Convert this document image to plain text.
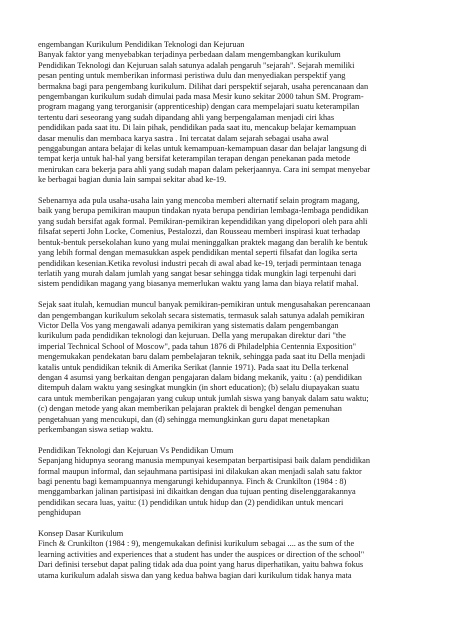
engembangan Kurikulum Pendidikan Teknologi dan Kejuruan
Banyak faktor yang menyebabkan terjadinya perbedaan dalam mengembangkan kurikulum
Pendidikan Teknologi dan Kejuruan salah satunya adalah pengaruh "sejarah". Sejarah memiliki
pesan penting untuk memberikan informasi peristiwa dulu dan menyediakan perspektif yang
bermakna bagi para pengembang kurikulum. Dilihat dari perspektif sejarah, usaha perencanaan dan
pengembangan kurikulum sudah dimulai pada masa Mesir kuno sekitar 2000 tahun SM. Program-
program magang yang terorganisir (apprenticeship) dengan cara mempelajari suatu keterampilan
tertentu dari seseorang yang sudah dipandang ahli yang berpengalaman menjadi ciri khas
pendidikan pada saat itu. Di lain pihak, pendidikan pada saat itu, mencakup belajar kemampuan
dasar menulis dan membaca karya sastra . Ini tercatat dalam sejarah sebagai usaha awal
penggabungan antara belajar di kelas untuk kemampuan-kemampuan dasar dan belajar langsung di
tempat kerja untuk hal-hal yang bersifat keterampilan terapan dengan penekanan pada metode
menirukan cara bekerja para ahli yang sudah mapan dalam pekerjaannya. Cara ini sempat menyebar
ke berbagai bagian dunia lain sampai sekitar abad ke-19.

Sebenarnya ada pula usaha-usaha lain yang mencoba memberi alternatif selain program magang,
baik yang berupa pemikiran maupun tindakan nyata berupa pendirian lembaga-lembaga pendidikan
yang sudah bersifat agak formal. Pemikiran-pemikiran kependidikan yang dipelopori oleh para ahli
filsafat seperti John Locke, Comenius, Pestalozzi, dan Rousseau memberi inspirasi kuat terhadap
bentuk-bentuk persekolahan kuno yang mulai meninggalkan praktek magang dan beralih ke bentuk
yang lebih formal dengan memasukkan aspek pendidikan mental seperti filsafat dan logika serta
pendidikan kesenian.Ketika revolusi industri pecah di awal abad ke-19, terjadi permintaan tenaga
terlatih yang murah dalam jumlah yang sangat besar sehingga tidak mungkin lagi terpenuhi dari
sistem pendidikan magang yang biasanya memerlukan waktu yang lama dan biaya relatif mahal.

Sejak saat itulah, kemudian muncul banyak pemikiran-pemikiran untuk mengusahakan perencanaan
dan pengembangan kurikulum sekolah secara sistematis, termasuk salah satunya adalah pemikiran
Victor Della Vos yang mengawali adanya pemikiran yang sistematis dalam pengembangan
kurikulum pada pendidikan teknologi dan kejuruan. Della yang merupakan direktur dari "the
imperial Technical School of Moscow", pada tahun 1876 di Philadelphia Centennia Exposition"
mengemukakan pendekatan baru dalam pembelajaran teknik, sehingga pada saat itu Della menjadi
katalis untuk pendidikan teknik di Amerika Serikat (lannie 1971). Pada saat itu Della terkenal
dengan 4 asumsi yang berkaitan dengan pengajaran dalam bidang mekanik, yaitu : (a) pendidikan
ditempuh dalam waktu yang sesingkat mungkin (in short education); (b) selalu diupayakan suatu
cara untuk memberikan pengajaran yang cukup untuk jumlah siswa yang banyak dalam satu waktu;
(c) dengan metode yang akan memberikan pelajaran praktek di bengkel dengan pemenuhan
pengetahuan yang mencukupi, dan (d) sehingga memungkinkan guru dapat menetapkan
perkembangan siswa setiap waktu.

Pendidikan Teknologi dan Kejuruan Vs Pendidikan Umum
Sepanjang hidupnya seorang manusia mempunyai kesempatan berpartisipasi baik dalam pendidikan
formal maupun informal, dan sejauhmana partisipasi ini dilakukan akan menjadi salah satu faktor
bagi penentu bagi kemampuannya mengarungi kehidupannya. Finch & Crunkilton (1984 : 8)
menggambarkan jalinan partisipasi ini dikaitkan dengan dua tujuan penting diselenggarakannya
pendidikan secara luas, yaitu: (1) pendidikan untuk hidup dan (2) pendidikan untuk mencari
penghidupan

Konsep Dasar Kurikulum
Finch & Crunkilton (1984 : 9), mengemukakan definisi kurikulum sebagai .... as the sum of the
learning activities and experiences that a student has under the auspices or direction of the school"
Dari definisi tersebut dapat paling tidak ada dua point yang harus diperhatikan, yaitu bahwa fokus
utama kurikulum adalah siswa dan yang kedua bahwa bagian dari kurikulum tidak hanya mata
